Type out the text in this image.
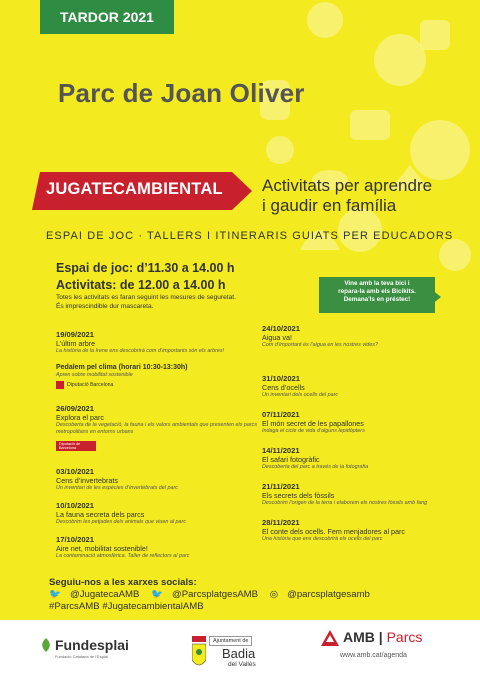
TARDOR 2021
Parc de Joan Oliver
JUGATECAMBIENTAL Activitats per aprendre
i gaudir en família
ESPAI DE JOC · TALLERS I ITINERARIS GUIATS PER EDUCADORS
Espai de joc: d’11.30 a 14.00 h
Activitats: de 12.00 a 14.00 h
Totes les activitats es faran seguint les mesures de seguretat.
És imprescindible dur mascareta.
Vine amb la teva bici i
repara-la amb els Bicikits.
Demana'ls en préstec!
19/09/2021
L’últim arbre
La història de la Irene ens descobrirà com d’importants són els arbres!
Pedalem pel clima (horari 10:30-13:30h)
Apren sobre mobilitat sostenible
Diputació Barcelona
26/09/2021
Explora el parc
Descoberta de la vegetació, la fauna i els valors ambientals que presenten els parcs metropolitans en entorns urbans
Diputació de Barcelona
03/10/2021
Cens d’invertebrats
Un inventari de les espècies d’invertebrats del parc
10/10/2021
La fauna secreta dels parcs
Descobrim les petjades dels animals que viuen al parc
17/10/2021
Aire net, mobilitat sostenible!
La contaminació atmosfèrica. Taller de reflectors al parc
24/10/2021
Aigua va!
Com d’important és l’aigua en les nostres vides?
31/10/2021
Cens d’ocells
Un inventari dels ocells del parc
07/11/2021
El món secret de les papallones
Indaga el cicle de vida d’alguns lepidòpters
14/11/2021
El safari fotogràfic
Descoberta del parc a través de la fotografia
21/11/2021
Els secrets dels fòssils
Descobrim l’origen de la terra i elaborem els nostres fòssils amb fang
28/11/2021
El conte dels ocells. Fem menjadores al parc
Una història que ens descobrirà els ocells del parc
Seguiu-nos a les xarxes socials:
🐦 @JugatecaAMB 🐦 @ParcsplatgesAMB ◎ @parcsplatgesamb
#ParcsAMB #JugatecambientalAMB
Fundesplai
Fundació Catalana de l’Esplai
Ajuntament de
Badia
del Vallès
AMB | Parcs
www.amb.cat/agenda
